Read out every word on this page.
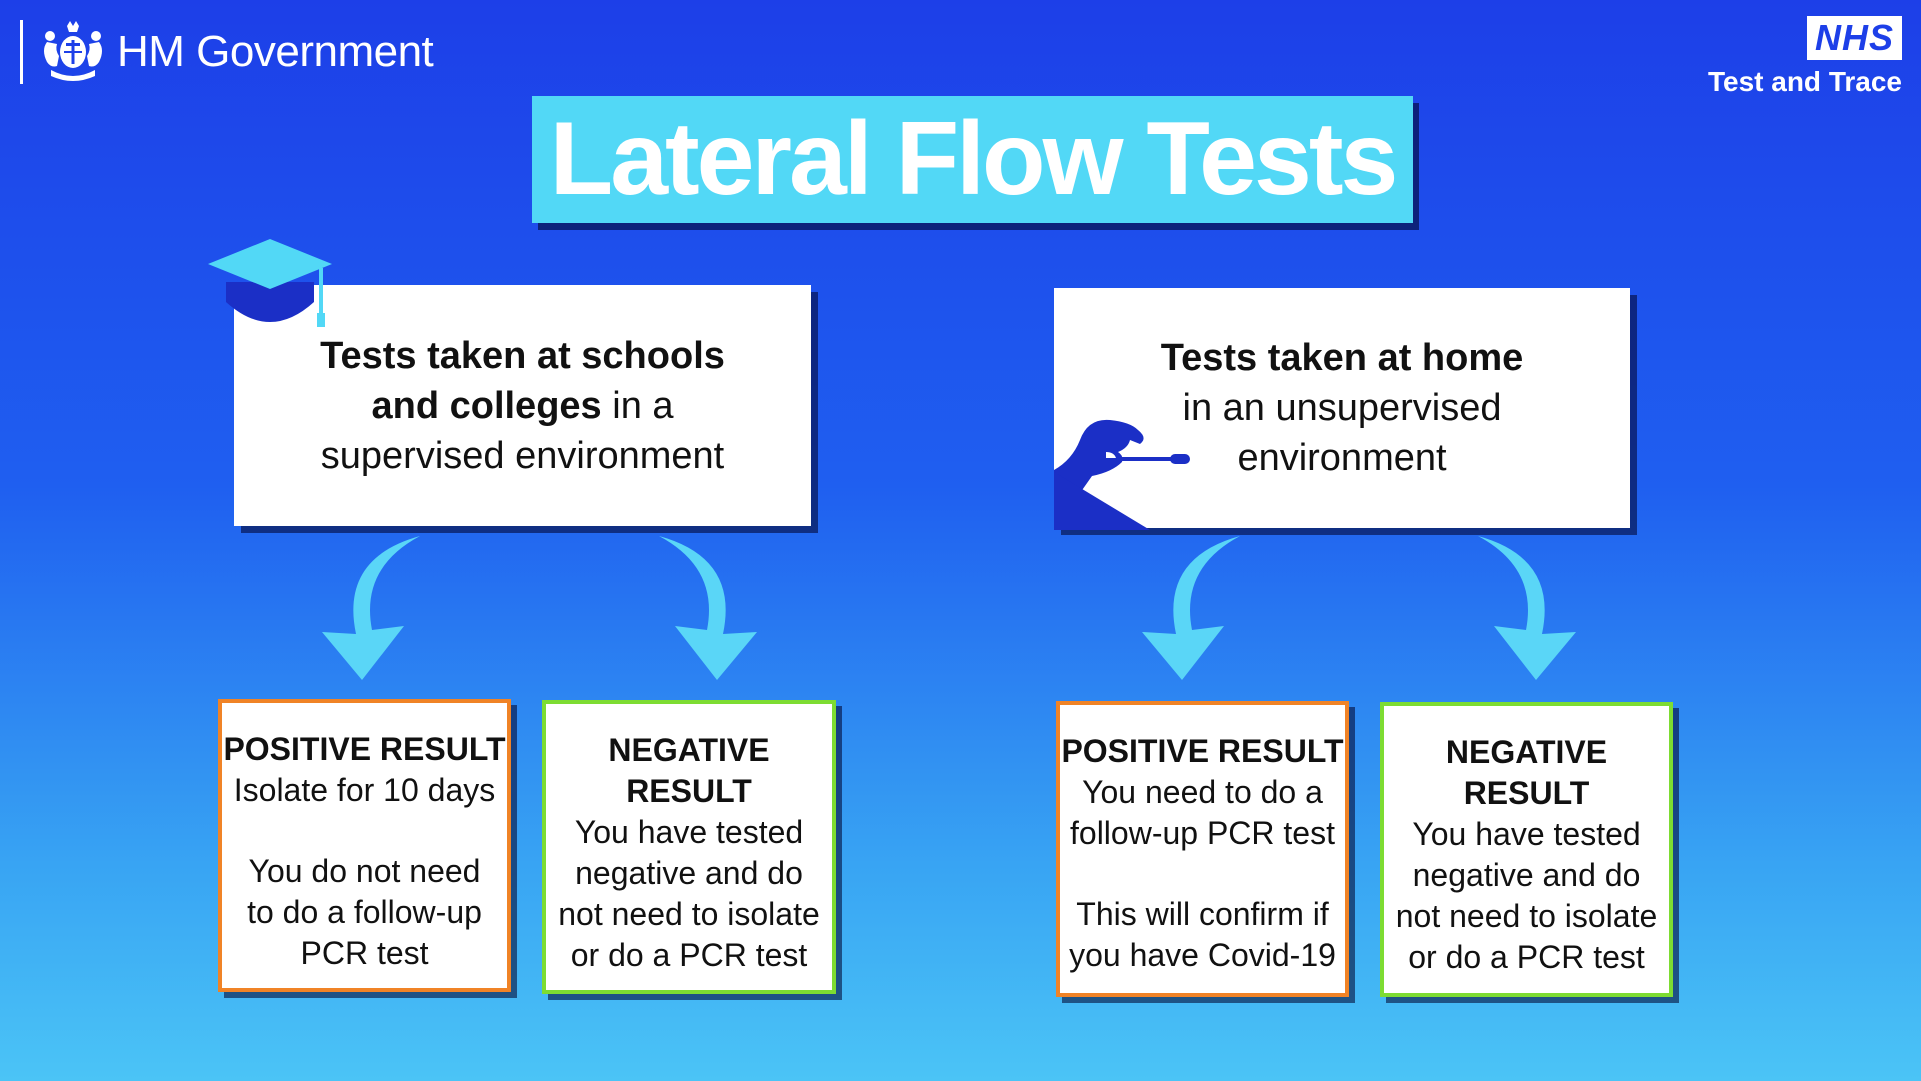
HM Government	NHS
Test and Trace
Lateral Flow Tests
Tests taken at schools
and colleges in a
supervised environment
Tests taken at home
in an unsupervised
environment
POSITIVE RESULT
Isolate for 10 days
You do not need
to do a follow-up
PCR test
NEGATIVE RESULT
You have tested
negative and do
not need to isolate
or do a PCR test
POSITIVE RESULT
You need to do a
follow-up PCR test
This will confirm if
you have Covid-19
NEGATIVE RESULT
You have tested
negative and do
not need to isolate
or do a PCR test
